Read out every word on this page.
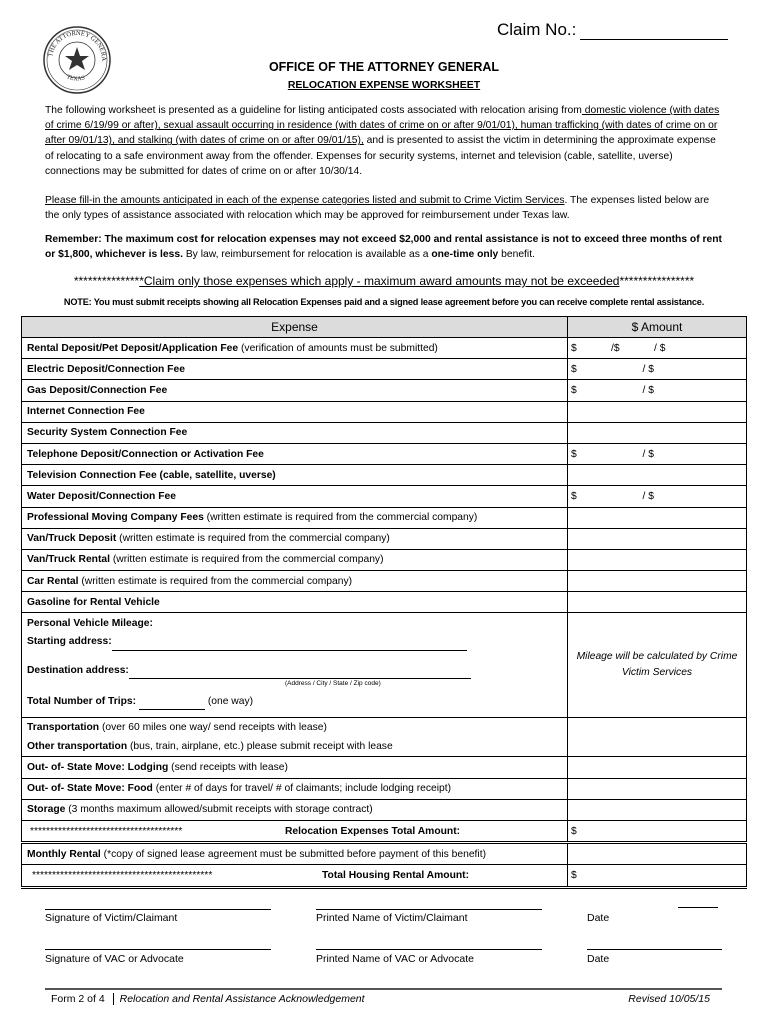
Claim No.:
THE ATTORNEY GENERA
TEXAS
OFFICE OF THE ATTORNEY GENERAL
RELOCATION EXPENSE WORKSHEET
The following worksheet is presented as a guideline for listing anticipated costs associated with relocation arising from domestic violence (with dates of crime 6/19/99 or after), sexual assault occurring in residence (with dates of crime on or after 9/01/01), human trafficking (with dates of crime on or after 09/01/13), and stalking (with dates of crime on or after 09/01/15), and is presented to assist the victim in determining the approximate expense of relocating to a safe environment away from the offender. Expenses for security systems, internet and television (cable, satellite, uverse) connections may be submitted for dates of crime on or after 10/30/14.
Please fill-in the amounts anticipated in each of the expense categories listed and submit to Crime Victim Services. The expenses listed below are the only types of assistance associated with relocation which may be approved for reimbursement under Texas law.
Remember: The maximum cost for relocation expenses may not exceed $2,000 and rental assistance is not to exceed three months of rent or $1,800, whichever is less. By law, reimbursement for relocation is available as a one-time only benefit.
***************Claim only those expenses which apply - maximum award amounts may not be exceeded****************
NOTE: You must submit receipts showing all Relocation Expenses paid and a signed lease agreement before you can receive complete rental assistance.
Expense	$ Amount
Rental Deposit/Pet Deposit/Application Fee (verification of amounts must be submitted)	$            /$            / $
Electric Deposit/Connection Fee	$                       / $
Gas Deposit/Connection Fee	$                       / $
Internet Connection Fee	
Security System Connection Fee	
Telephone Deposit/Connection or Activation Fee	$                       / $
Television Connection Fee (cable, satellite, uverse)	
Water Deposit/Connection Fee	$                       / $
Professional Moving Company Fees (written estimate is required from the commercial company)	
Van/Truck Deposit (written estimate is required from the commercial company)	
Van/Truck Rental (written estimate is required from the commercial company)	
Car Rental (written estimate is required from the commercial company)	
Gasoline for Rental Vehicle	

Personal Vehicle Mileage:
Starting address:
Destination address:
(Address / City / State / Zip code)
Total Number of Trips: (one way)	Mileage will be calculated by Crime Victim Services

Transportation (over 60 miles one way/ send receipts with lease)
Other transportation (bus, train, airplane, etc.) please submit receipt with lease	

Out- of- State Move: Lodging (send receipts with lease)	
Out- of- State Move: Food (enter # of days for travel/ # of claimants; include lodging receipt)	
Storage (3 months maximum allowed/submit receipts with storage contract)	
************************************** Relocation Expenses Total Amount:	$
Monthly Rental (*copy of signed lease agreement must be submitted before payment of this benefit)	
********************************************* Total Housing Rental Amount:	$
Signature of Victim/Claimant	Printed Name of Victim/Claimant	Date
Signature of VAC or Advocate	Printed Name of VAC or Advocate	Date
Form 2 of 4 Relocation and Rental Assistance Acknowledgement	Revised 10/05/15
